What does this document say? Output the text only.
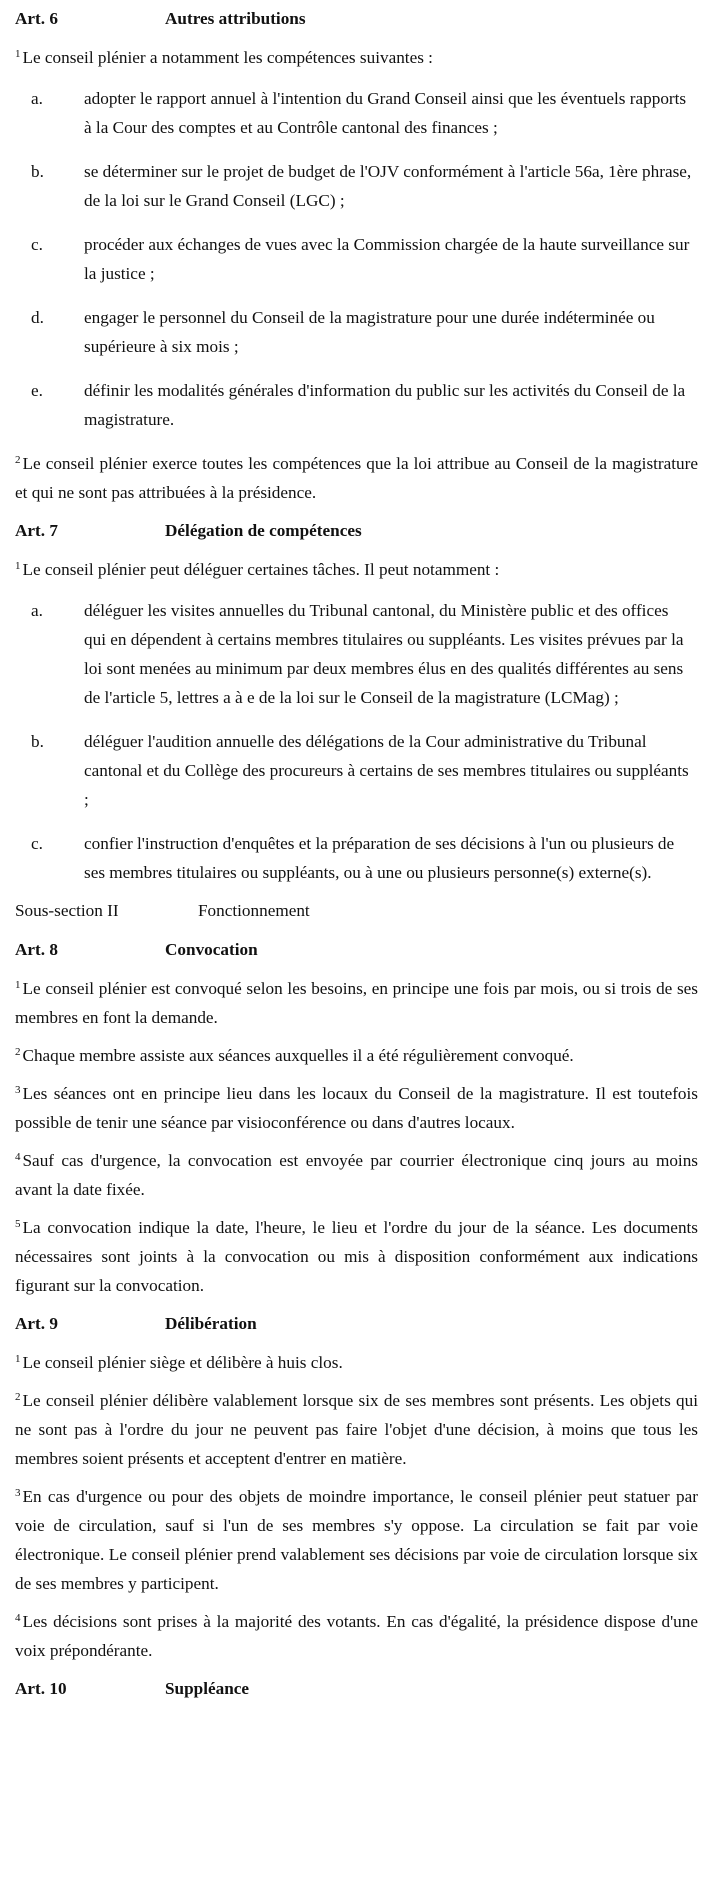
Art. 6	Autres attributions

$^1$ Le conseil plénier a notamment les compétences suivantes :

a. adopter le rapport annuel à l'intention du Grand Conseil ainsi que les éventuels rapports à la Cour des comptes et au Contrôle cantonal des finances ;
b. se déterminer sur le projet de budget de l'OJV conformément à l'article 56a, 1ère phrase, de la loi sur le Grand Conseil (LGC) ;
c. procéder aux échanges de vues avec la Commission chargée de la haute surveillance sur la justice ;
d. engager le personnel du Conseil de la magistrature pour une durée indéterminée ou supérieure à six mois ;
e. définir les modalités générales d'information du public sur les activités du Conseil de la magistrature.

$^2$ Le conseil plénier exerce toutes les compétences que la loi attribue au Conseil de la magistrature et qui ne sont pas attribuées à la présidence.

Art. 7	Délégation de compétences

$^1$ Le conseil plénier peut déléguer certaines tâches. Il peut notamment :

a. déléguer les visites annuelles du Tribunal cantonal, du Ministère public et des offices qui en dépendent à certains membres titulaires ou suppléants. Les visites prévues par la loi sont menées au minimum par deux membres élus en des qualités différentes au sens de l'article 5, lettres a à e de la loi sur le Conseil de la magistrature (LCMag) ;
b. déléguer l'audition annuelle des délégations de la Cour administrative du Tribunal cantonal et du Collège des procureurs à certains de ses membres titulaires ou suppléants ;
c. confier l'instruction d'enquêtes et la préparation de ses décisions à l'un ou plusieurs de ses membres titulaires ou suppléants, ou à une ou plusieurs personne(s) externe(s).
Sous-section II	Fonctionnement
Art. 8	Convocation

$^1$ Le conseil plénier est convoqué selon les besoins, en principe une fois par mois, ou si trois de ses membres en font la demande.

$^2$ Chaque membre assiste aux séances auxquelles il a été régulièrement convoqué.

$^3$ Les séances ont en principe lieu dans les locaux du Conseil de la magistrature. Il est toutefois possible de tenir une séance par visioconférence ou dans d'autres locaux.

$^4$ Sauf cas d'urgence, la convocation est envoyée par courrier électronique cinq jours au moins avant la date fixée.

$^5$ La convocation indique la date, l'heure, le lieu et l'ordre du jour de la séance. Les documents nécessaires sont joints à la convocation ou mis à disposition conformément aux indications figurant sur la convocation.

Art. 9	Délibération

$^1$ Le conseil plénier siège et délibère à huis clos.

$^2$ Le conseil plénier délibère valablement lorsque six de ses membres sont présents. Les objets qui ne sont pas à l'ordre du jour ne peuvent pas faire l'objet d'une décision, à moins que tous les membres soient présents et acceptent d'entrer en matière.

$^3$ En cas d'urgence ou pour des objets de moindre importance, le conseil plénier peut statuer par voie de circulation, sauf si l'un de ses membres s'y oppose. La circulation se fait par voie électronique. Le conseil plénier prend valablement ses décisions par voie de circulation lorsque six de ses membres y participent.

$^4$ Les décisions sont prises à la majorité des votants. En cas d'égalité, la présidence dispose d'une voix prépondérante.

Art. 10	Suppléance
